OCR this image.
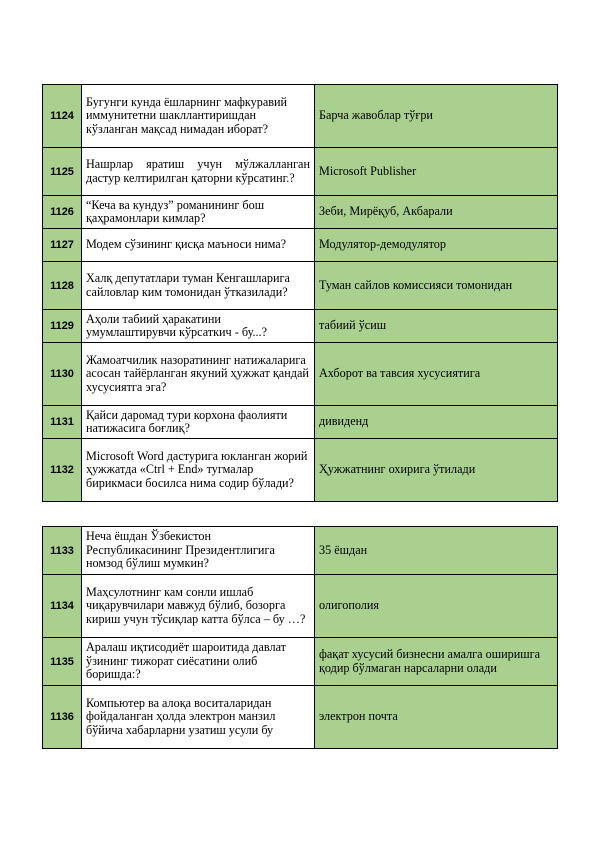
1124	Бугунги кунда ёшларнинг мафкуравий иммунитетни шакллантиришдан кўзланган мақсад нимадан иборат?	Барча жавоблар тўғри
1125	Нашрлар яратиш учун мўлжалланган дастур келтирилган қаторни кўрсатинг.?	Microsoft Publisher
1126	“Кеча ва кундуз” романининг бош қаҳрамонлари кимлар?	Зеби, Мирёқуб, Акбарали
1127	Модем сўзининг қисқа маъноси нима?	Модулятор-демодулятор
1128	Халқ депутатлари туман Кенгашларига сайловлар ким томонидан ўтказилади?	Туман сайлов комиссияси томонидан
1129	Аҳоли табиий ҳаракатини умумлаштирувчи кўрсаткич - бу...?	табиий ўсиш
1130	Жамоатчилик назоратининг натижаларига асосан тайёрланган якуний ҳужжат қандай хусусиятга эга?	Ахборот ва тавсия хусусиятига
1131	Қайси даромад тури корхона фаолияти натижасига боғлиқ?	дивиденд
1132	Microsoft Word дастурига юкланган жорий ҳужжатда «Ctrl + End» тугмалар бирикмаси босилса нима содир бўлади?	Ҳужжатнинг охирига ўтилади
1133	Неча ёшдан Ўзбекистон Республикасининг Президентлигига номзод бўлиш мумкин?	35 ёшдан
1134	Маҳсулотнинг кам сонли ишлаб чиқарувчилари мавжуд бўлиб, бозорга кириш учун тўсиқлар катта бўлса – бу …?	олигополия
1135	Аралаш иқтисодиёт шароитида давлат ўзининг тижорат сиёсатини олиб боришда:?	фақат хусусий бизнесни амалга оширишга қодир бўлмаган нарсаларни олади
1136	Компьютер ва алоқа воситаларидан фойдаланган ҳолда электрон манзил бўйича хабарларни узатиш усули бу	электрон почта
